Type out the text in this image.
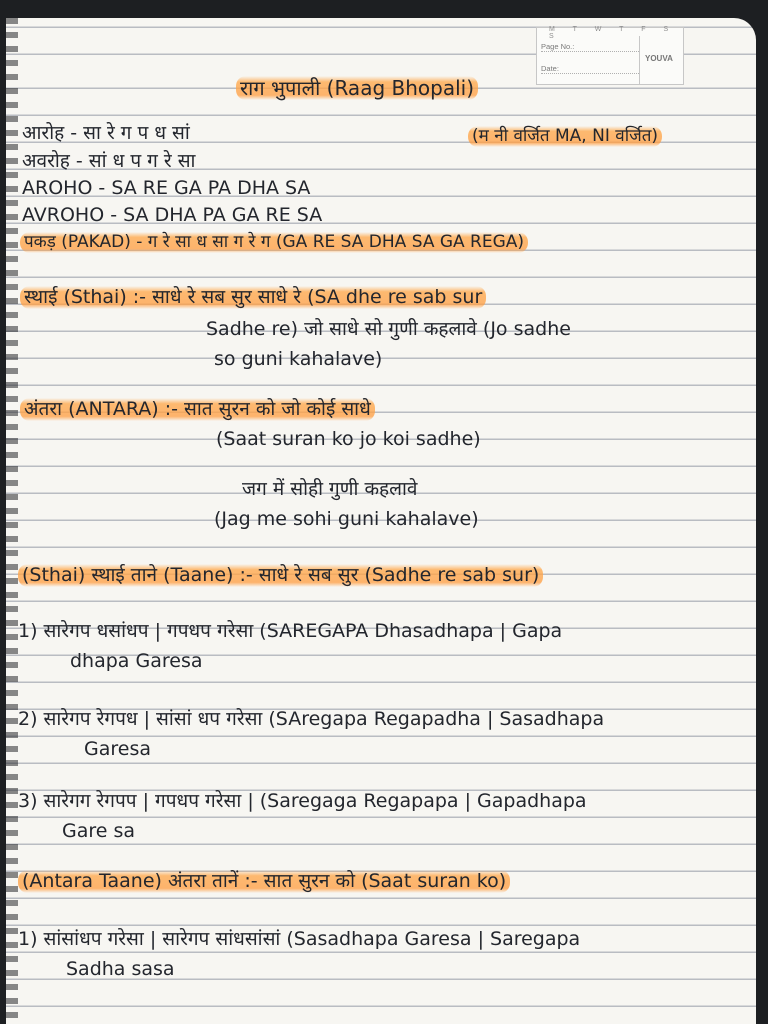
M T W T F S S
Page No.:
Date:
YOUVA
राग भुपाली (Raag Bhopali)
आरोह - सा रे ग प ध सां	(म नी वर्जित MA, NI वर्जित)
अवरोह - सां ध प ग रे सा
AROHO - SA RE GA PA DHA SA
AVROHO - SA DHA PA GA RE SA
पकड़ (PAKAD) - ग रे सा ध सा ग रे ग (GA RE SA DHA SA GA REGA)
स्थाई (Sthai) :- साधे रे सब सुर साधे रे (SA dhe re sab sur
Sadhe re) जो साधे सो गुणी कहलावे (Jo sadhe
so guni kahalave)
अंतरा (ANTARA) :- सात सुरन को जो कोई साधे
(Saat suran ko jo koi sadhe)
जग में सोही गुणी कहलावे
(Jag me sohi guni kahalave)
(Sthai) स्थाई ताने (Taane) :- साधे रे सब सुर (Sadhe re sab sur)
1) सारेगप धसांधप | गपधप गरेसा (SAREGAPA Dhasadhapa | Gapa
dhapa Garesa
2) सारेगप रेगपध | सांसां धप गरेसा (SAregapa Regapadha | Sasadhapa
Garesa
3) सारेगग रेगपप | गपधप गरेसा | (Saregaga Regapapa | Gapadhapa
Gare sa
(Antara Taane) अंतरा तानें :- सात सुरन को (Saat suran ko)
1) सांसांधप गरेसा | सारेगप सांधसांसां (Sasadhapa Garesa | Saregapa
Sadha sasa
